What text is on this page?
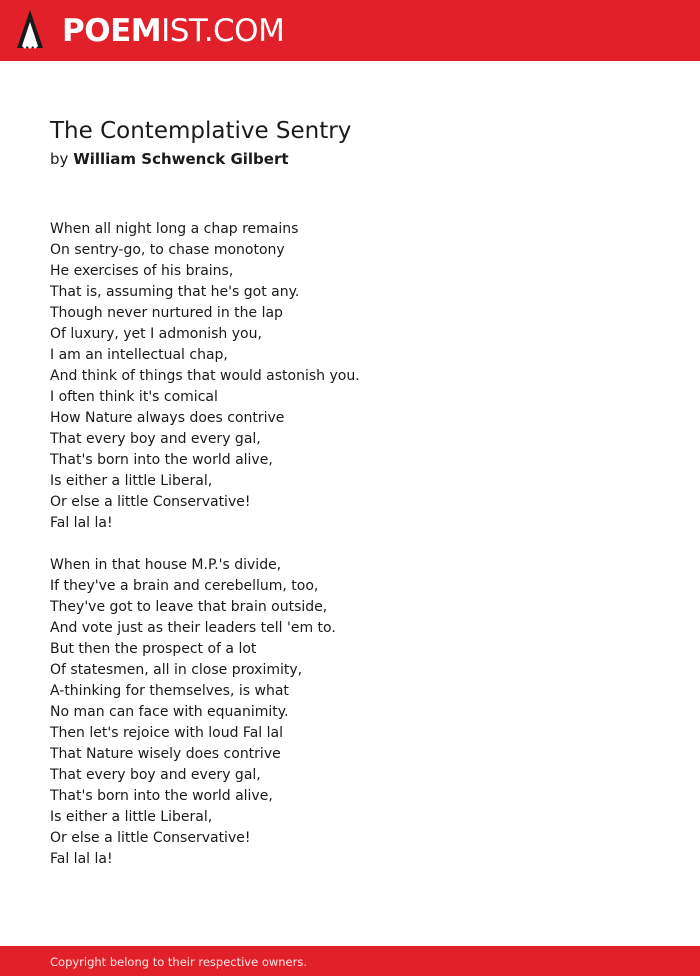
POEMIST.COM
The Contemplative Sentry
by William Schwenck Gilbert
When all night long a chap remains
On sentry-go, to chase monotony
He exercises of his brains,
That is, assuming that he's got any.
Though never nurtured in the lap
Of luxury, yet I admonish you,
I am an intellectual chap,
And think of things that would astonish you.
I often think it's comical
How Nature always does contrive
That every boy and every gal,
That's born into the world alive,
Is either a little Liberal,
Or else a little Conservative!
Fal lal la!
When in that house M.P.'s divide,
If they've a brain and cerebellum, too,
They've got to leave that brain outside,
And vote just as their leaders tell 'em to.
But then the prospect of a lot
Of statesmen, all in close proximity,
A-thinking for themselves, is what
No man can face with equanimity.
Then let's rejoice with loud Fal lal
That Nature wisely does contrive
That every boy and every gal,
That's born into the world alive,
Is either a little Liberal,
Or else a little Conservative!
Fal lal la!
Copyright belong to their respective owners.
